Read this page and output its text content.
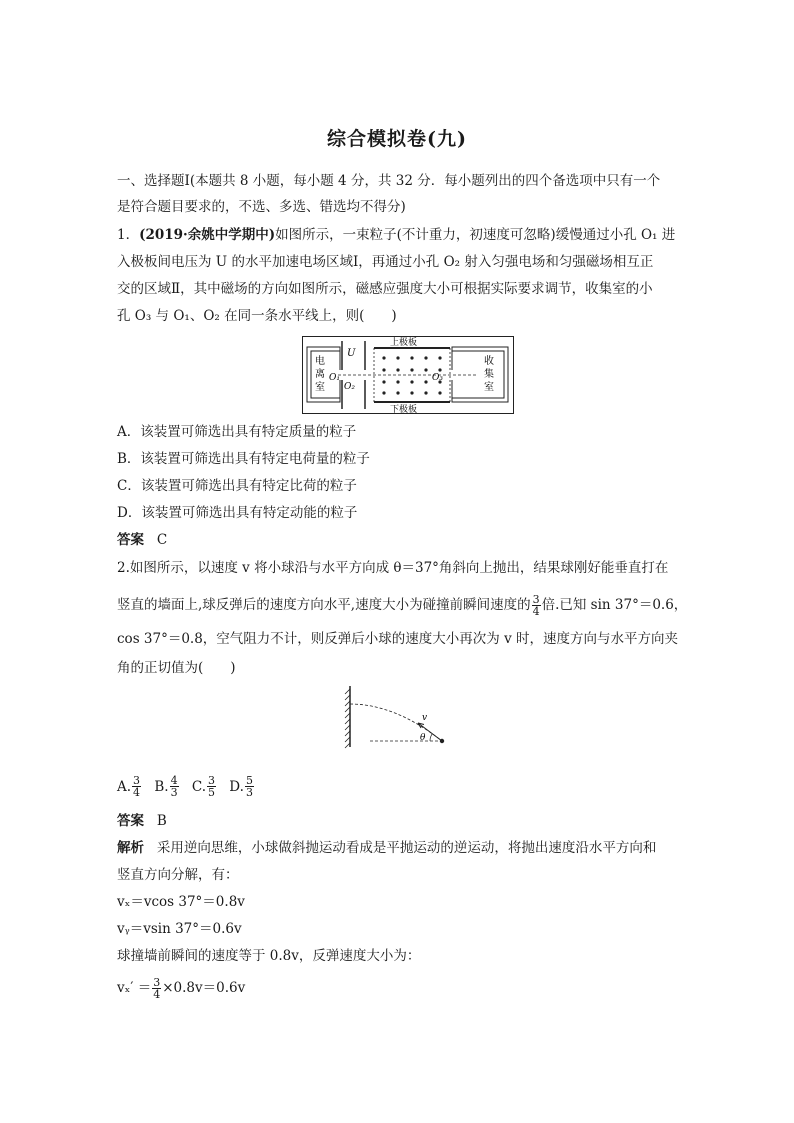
综合模拟卷(九)
一、选择题Ⅰ(本题共 8 小题，每小题 4 分，共 32 分．每小题列出的四个备选项中只有一个
是符合题目要求的，不选、多选、错选均不得分)
1．(2019·余姚中学期中)如图所示，一束粒子(不计重力，初速度可忽略)缓慢通过小孔 O₁ 进
入极板间电压为 U 的水平加速电场区域Ⅰ，再通过小孔 O₂ 射入匀强电场和匀强磁场相互正
交的区域Ⅱ，其中磁场的方向如图所示，磁感应强度大小可根据实际要求调节，收集室的小
孔 O₃ 与 O₁、O₂ 在同一条水平线上，则(　　)
电
离
室
O₁
U
O₂
上极板
下极板
O₃
收
集
室
A．该装置可筛选出具有特定质量的粒子
B．该装置可筛选出具有特定电荷量的粒子
C．该装置可筛选出具有特定比荷的粒子
D．该装置可筛选出具有特定动能的粒子
答案 C
2.如图所示，以速度 v 将小球沿与水平方向成 θ＝37°角斜向上抛出，结果球刚好能垂直打在
竖直的墙面上,球反弹后的速度方向水平,速度大小为碰撞前瞬间速度的 $\frac{3}{4}$ 倍.已知 sin 37°＝0.6，
cos 37°＝0.8，空气阻力不计，则反弹后小球的速度大小再次为 v 时，速度方向与水平方向夹
角的正切值为(　　)
v
θ
A. $\frac{3}{4}$
B. $\frac{4}{3}$
C. $\frac{3}{5}$
D. $\frac{5}{3}$
答案 B
解析 采用逆向思维，小球做斜抛运动看成是平抛运动的逆运动，将抛出速度沿水平方向和
竖直方向分解，有：
vₓ＝vcos 37°＝0.8v
vᵧ＝vsin 37°＝0.6v
球撞墙前瞬间的速度等于 0.8v，反弹速度大小为：
$v_x' = \frac{3}{4} \times 0.8v=0.6v$
